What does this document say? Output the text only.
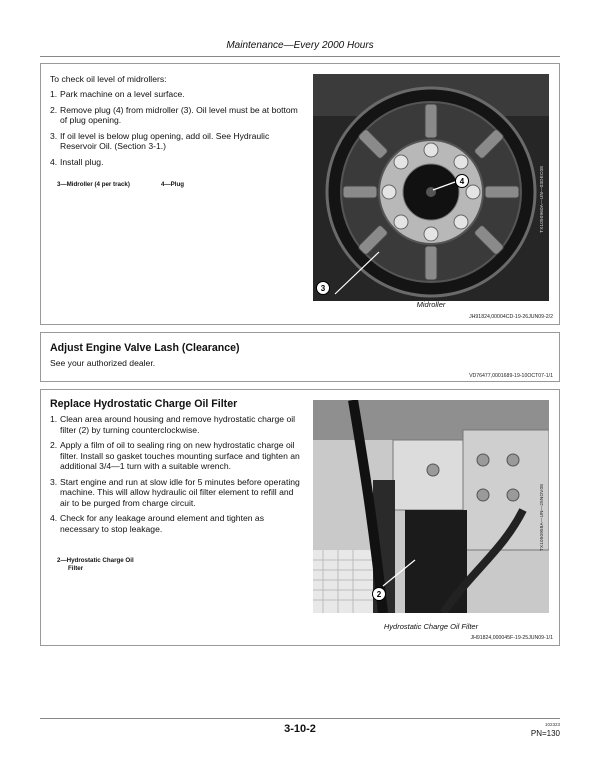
Maintenance—Every 2000 Hours
To check oil level of midrollers:
1. Park machine on a level surface.
2. Remove plug (4) from midroller (3). Oil level must be at bottom of plug opening.
3. If oil level is below plug opening, add oil. See Hydraulic Reservoir Oil. (Section 3-1.)
4. Install plug.
3—Midroller (4 per track)	4—Plug	TX1050960A—UN—03DEC08
4
3
Midroller
JH91824,00004CD-19-26JUN09-2/2
Adjust Engine Valve Lash (Clearance)
See your authorized dealer.
VD76477,0001689-19-10OCT07-1/1
Replace Hydrostatic Charge Oil Filter
1. Clean area around housing and remove hydrostatic charge oil filter (2) by turning counterclockwise.
2. Apply a film of oil to sealing ring on new hydrostatic charge oil filter. Install so gasket touches mounting surface and tighten an additional 3/4—1 turn with a suitable wrench.
3. Start engine and run at slow idle for 5 minutes before operating machine. This will allow hydraulic oil filter element to refill and air to be purged from charge circuit.
4. Check for any leakage around element and tighten as necessary to stop leakage.
2—Hydrostatic Charge Oil
Filter
TX1050958A—UN—25NOV08
2
Hydrostatic Charge Oil Filter
JH91824,000045F-19-25JUN09-1/1
3-10-2	102323
PN=130
